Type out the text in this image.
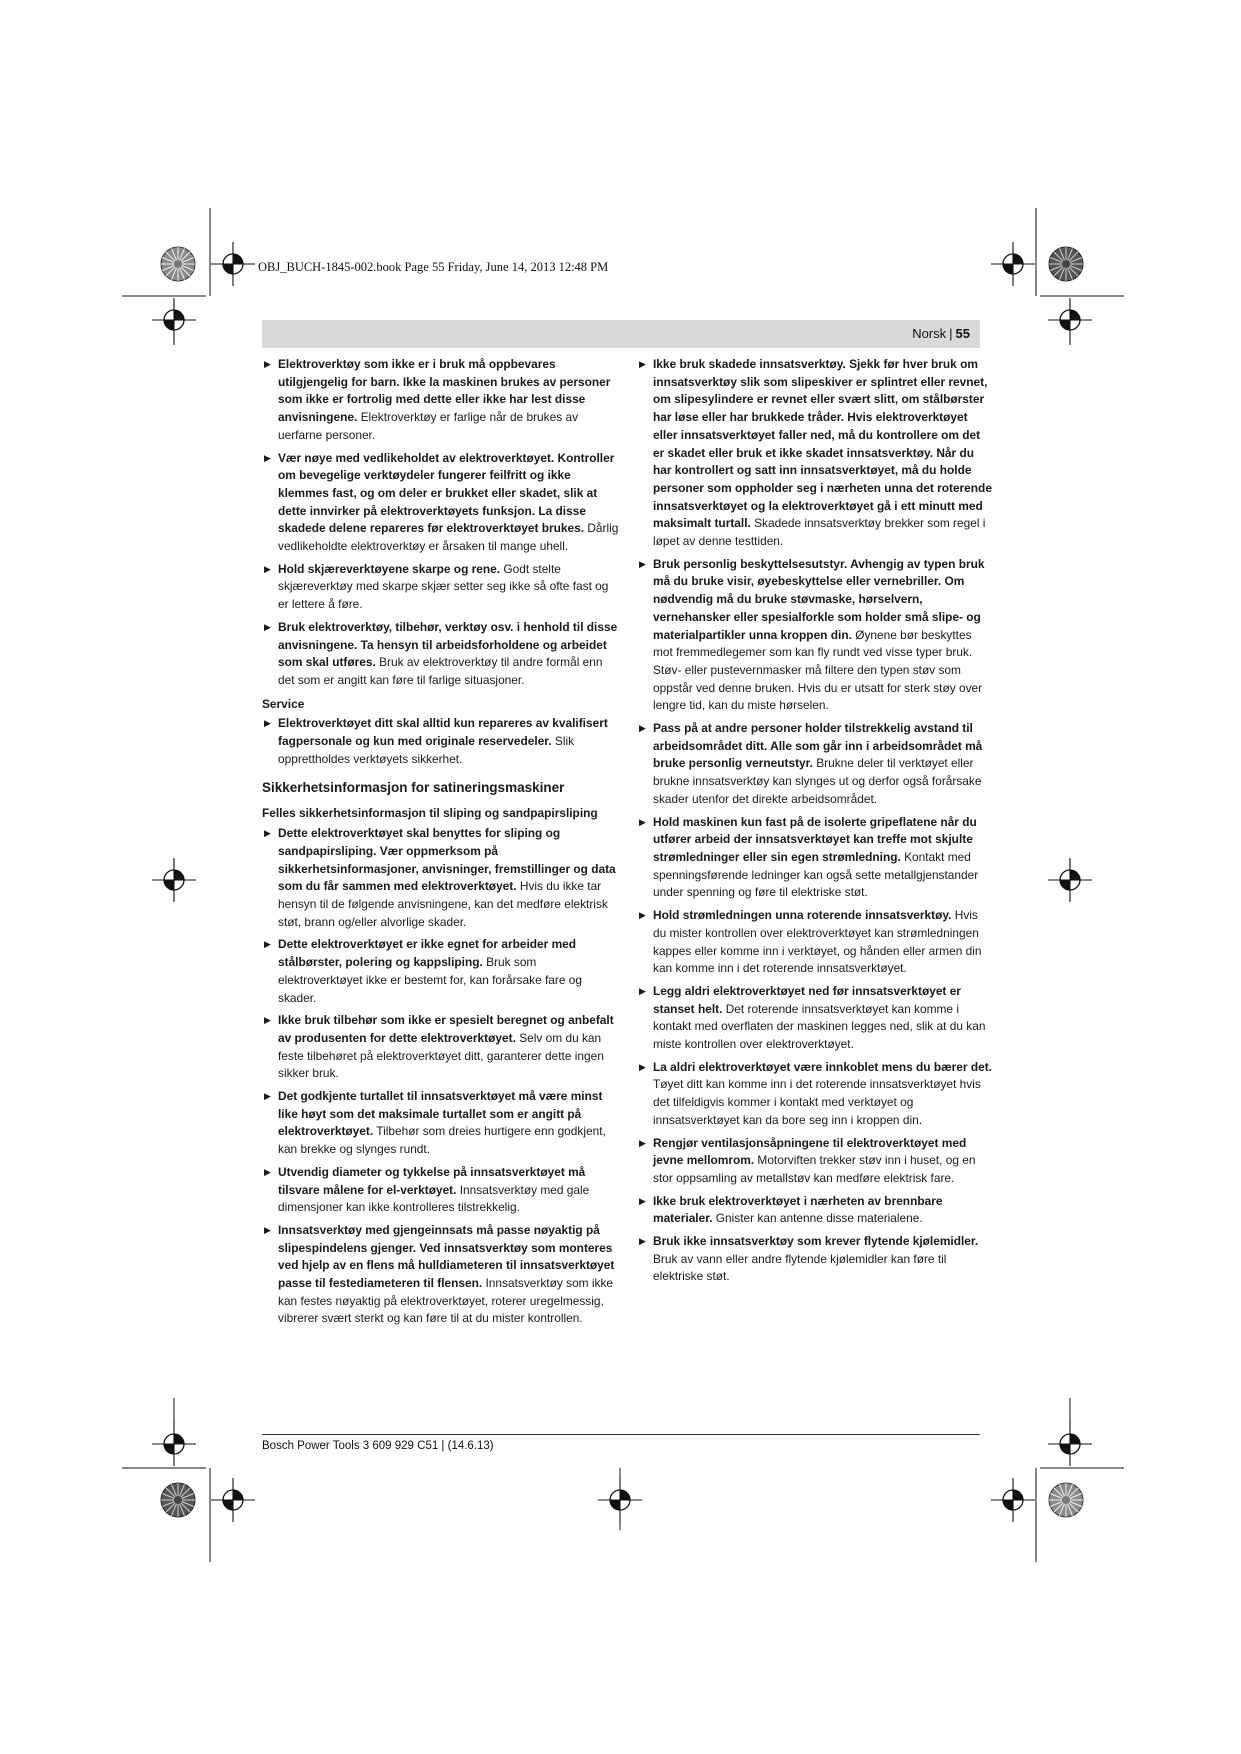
OBJ_BUCH-1845-002.book Page 55 Friday, June 14, 2013 12:48 PM
Norsk | 55
▶ Elektroverktøy som ikke er i bruk må oppbevares utilgjengelig for barn. Ikke la maskinen brukes av personer som ikke er fortrolig med dette eller ikke har lest disse anvisningene. Elektroverktøy er farlige når de brukes av uerfarne personer.
▶ Vær nøye med vedlikeholdet av elektroverktøyet. Kontroller om bevegelige verktøydeler fungerer feilfritt og ikke klemmes fast, og om deler er brukket eller skadet, slik at dette innvirker på elektroverktøyets funksjon. La disse skadede delene repareres før elektroverktøyet brukes. Dårlig vedlikeholdte elektroverktøy er årsaken til mange uhell.
▶ Hold skjæreverktøyene skarpe og rene. Godt stelte skjæreverktøy med skarpe skjær setter seg ikke så ofte fast og er lettere å føre.
▶ Bruk elektroverktøy, tilbehør, verktøy osv. i henhold til disse anvisningene. Ta hensyn til arbeidsforholdene og arbeidet som skal utføres. Bruk av elektroverktøy til andre formål enn det som er angitt kan føre til farlige situasjoner.
Service
▶ Elektroverktøyet ditt skal alltid kun repareres av kvalifisert fagpersonale og kun med originale reservedeler. Slik opprettholdes verktøyets sikkerhet.
Sikkerhetsinformasjon for satineringsmaskiner
Felles sikkerhetsinformasjon til sliping og sandpapirsliping
▶ Dette elektroverktøyet skal benyttes for sliping og sandpapirsliping. Vær oppmerksom på sikkerhetsinformasjoner, anvisninger, fremstillinger og data som du får sammen med elektroverktøyet. Hvis du ikke tar hensyn til de følgende anvisningene, kan det medføre elektrisk støt, brann og/eller alvorlige skader.
▶ Dette elektroverktøyet er ikke egnet for arbeider med stålbørster, polering og kappsliping. Bruk som elektroverktøyet ikke er bestemt for, kan forårsake fare og skader.
▶ Ikke bruk tilbehør som ikke er spesielt beregnet og anbefalt av produsenten for dette elektroverktøyet. Selv om du kan feste tilbehøret på elektroverktøyet ditt, garanterer dette ingen sikker bruk.
▶ Det godkjente turtallet til innsatsverktøyet må være minst like høyt som det maksimale turtallet som er angitt på elektroverktøyet. Tilbehør som dreies hurtigere enn godkjent, kan brekke og slynges rundt.
▶ Utvendig diameter og tykkelse på innsatsverktøyet må tilsvare målene for el-verktøyet. Innsatsverktøy med gale dimensjoner kan ikke kontrolleres tilstrekkelig.
▶ Innsatsverktøy med gjengeinnsats må passe nøyaktig på slipespindelens gjenger. Ved innsatsverktøy som monteres ved hjelp av en flens må hulldiameteren til innsatsverktøyet passe til festediameteren til flensen. Innsatsverktøy som ikke kan festes nøyaktig på elektroverktøyet, roterer uregelmessig, vibrerer svært sterkt og kan føre til at du mister kontrollen.
▶ Ikke bruk skadede innsatsverktøy. Sjekk før hver bruk om innsatsverktøy slik som slipeskiver er splintret eller revnet, om slipesylindere er revnet eller svært slitt, om stålbørster har løse eller har brukkede tråder. Hvis elektroverktøyet eller innsatsverktøyet faller ned, må du kontrollere om det er skadet eller bruk et ikke skadet innsatsverktøy. Når du har kontrollert og satt inn innsatsverktøyet, må du holde personer som oppholder seg i nærheten unna det roterende innsatsverktøyet og la elektroverktøyet gå i ett minutt med maksimalt turtall. Skadede innsatsverktøy brekker som regel i løpet av denne testtiden.
▶ Bruk personlig beskyttelsesutstyr. Avhengig av typen bruk må du bruke visir, øyebeskyttelse eller vernebriller. Om nødvendig må du bruke støvmaske, hørselvern, vernehansker eller spesialforkle som holder små slipe- og materialpartikler unna kroppen din. Øynene bør beskyttes mot fremmedlegemer som kan fly rundt ved visse typer bruk. Støv- eller pustevernmasker må filtere den typen støv som oppstår ved denne bruken. Hvis du er utsatt for sterk støy over lengre tid, kan du miste hørselen.
▶ Pass på at andre personer holder tilstrekkelig avstand til arbeidsområdet ditt. Alle som går inn i arbeidsområdet må bruke personlig verneutstyr. Brukne deler til verktøyet eller brukne innsatsverktøy kan slynges ut og derfor også forårsake skader utenfor det direkte arbeidsområdet.
▶ Hold maskinen kun fast på de isolerte gripeflatene når du utfører arbeid der innsatsverktøyet kan treffe mot skjulte strømledninger eller sin egen strømledning. Kontakt med spenningsførende ledninger kan også sette metallgjenstander under spenning og føre til elektriske støt.
▶ Hold strømledningen unna roterende innsatsverktøy. Hvis du mister kontrollen over elektroverktøyet kan strømledningen kappes eller komme inn i verktøyet, og hånden eller armen din kan komme inn i det roterende innsatsverktøyet.
▶ Legg aldri elektroverktøyet ned før innsatsverktøyet er stanset helt. Det roterende innsatsverktøyet kan komme i kontakt med overflaten der maskinen legges ned, slik at du kan miste kontrollen over elektroverktøyet.
▶ La aldri elektroverktøyet være innkoblet mens du bærer det. Tøyet ditt kan komme inn i det roterende innsatsverktøyet hvis det tilfeldigvis kommer i kontakt med verktøyet og innsatsverktøyet kan da bore seg inn i kroppen din.
▶ Rengjør ventilasjonsåpningene til elektroverktøyet med jevne mellomrom. Motorviften trekker støv inn i huset, og en stor oppsamling av metallstøv kan medføre elektrisk fare.
▶ Ikke bruk elektroverktøyet i nærheten av brennbare materialer. Gnister kan antenne disse materialene.
▶ Bruk ikke innsatsverktøy som krever flytende kjølemidler. Bruk av vann eller andre flytende kjølemidler kan føre til elektriske støt.
Bosch Power Tools 3 609 929 C51 | (14.6.13)
